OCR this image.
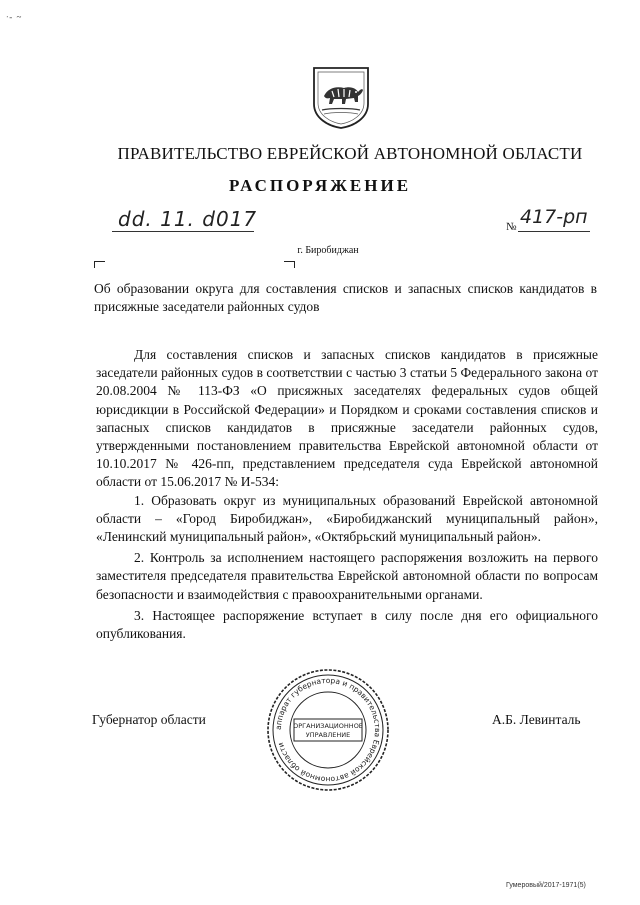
ᐧ- ~
ПРАВИТЕЛЬСТВО ЕВРЕЙСКОЙ АВТОНОМНОЙ ОБЛАСТИ
РАСПОРЯЖЕНИЕ
dd. 11. d017	№ 417-рп
г. Биробиджан
Об образовании округа для составления списков и запасных списков кандидатов в присяжные заседатели районных судов

Для составления списков и запасных списков кандидатов в присяжные заседатели районных судов в соответствии с частью 3 статьи 5 Федерального закона от 20.08.2004 № 113-ФЗ «О присяжных заседателях федеральных судов общей юрисдикции в Российской Федерации» и Порядком и сроками составления списков и запасных списков кандидатов в присяжные заседатели районных судов, утвержденными постановлением правительства Еврейской автономной области от 10.10.2017 № 426-пп, представлением председателя суда Еврейской автономной области от 15.06.2017 № И-534:

1. Образовать округ из муниципальных образований Еврейской автономной области – «Город Биробиджан», «Биробиджанский муниципальный район», «Ленинский муниципальный район», «Октябрьский муниципальный район».

2. Контроль за исполнением настоящего распоряжения возложить на первого заместителя председателя правительства Еврейской автономной области по вопросам безопасности и взаимодействия с правоохранительными органами.

3. Настоящее распоряжение вступает в силу после дня его официального опубликования.

Губернатор области	А.Б. Левинталь
аппарат губернатора и правительства Еврейской автономной области
ОРГАНИЗАЦИОННОЕ
УПРАВЛЕНИЕ
Гумеровый/2017-1971(5)
